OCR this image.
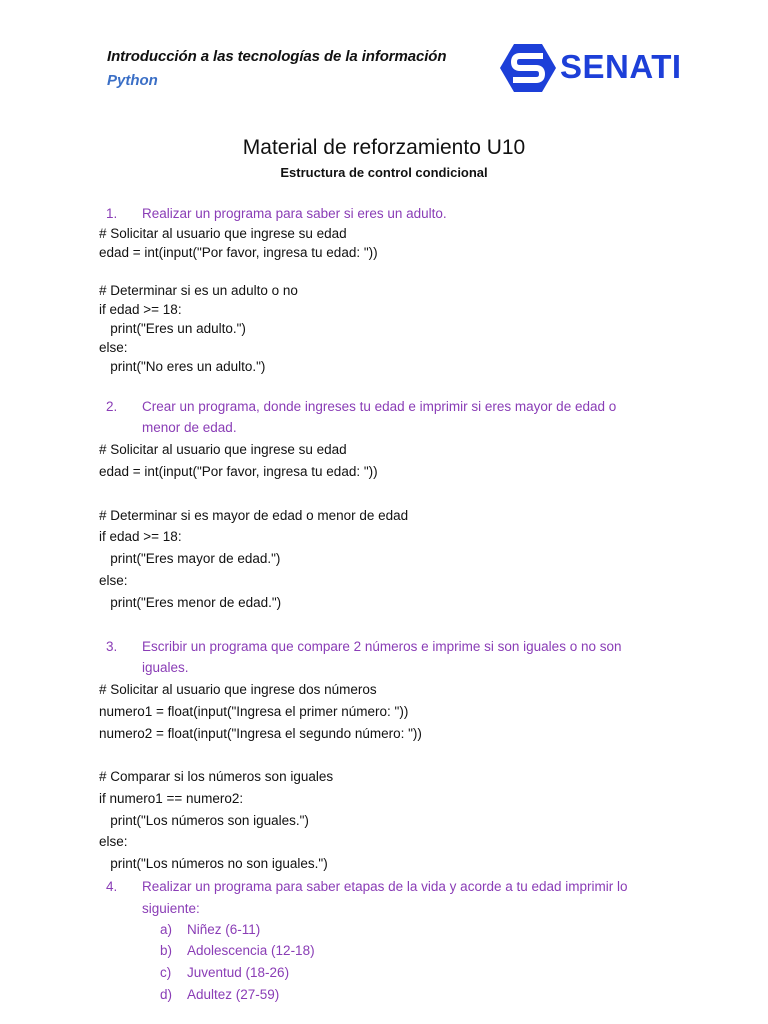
Introducción a las tecnologías de la información
Python	SENATI
Material de reforzamiento U10
Estructura de control condicional
1. Realizar un programa para saber si eres un adulto.
# Solicitar al usuario que ingrese su edad
edad = int(input("Por favor, ingresa tu edad: "))
# Determinar si es un adulto o no
if edad >= 18:
print("Eres un adulto.")
else:
print("No eres un adulto.")
2. Crear un programa, donde ingreses tu edad e imprimir si eres mayor de edad o
menor de edad.
# Solicitar al usuario que ingrese su edad
edad = int(input("Por favor, ingresa tu edad: "))
# Determinar si es mayor de edad o menor de edad
if edad >= 18:
print("Eres mayor de edad.")
else:
print("Eres menor de edad.")
3. Escribir un programa que compare 2 números e imprime si son iguales o no son
iguales.
# Solicitar al usuario que ingrese dos números
numero1 = float(input("Ingresa el primer número: "))
numero2 = float(input("Ingresa el segundo número: "))
# Comparar si los números son iguales
if numero1 == numero2:
print("Los números son iguales.")
else:
print("Los números no son iguales.")
4. Realizar un programa para saber etapas de la vida y acorde a tu edad imprimir lo
siguiente:
a) Niñez (6-11)
b) Adolescencia (12-18)
c) Juventud (18-26)
d) Adultez (27-59)
